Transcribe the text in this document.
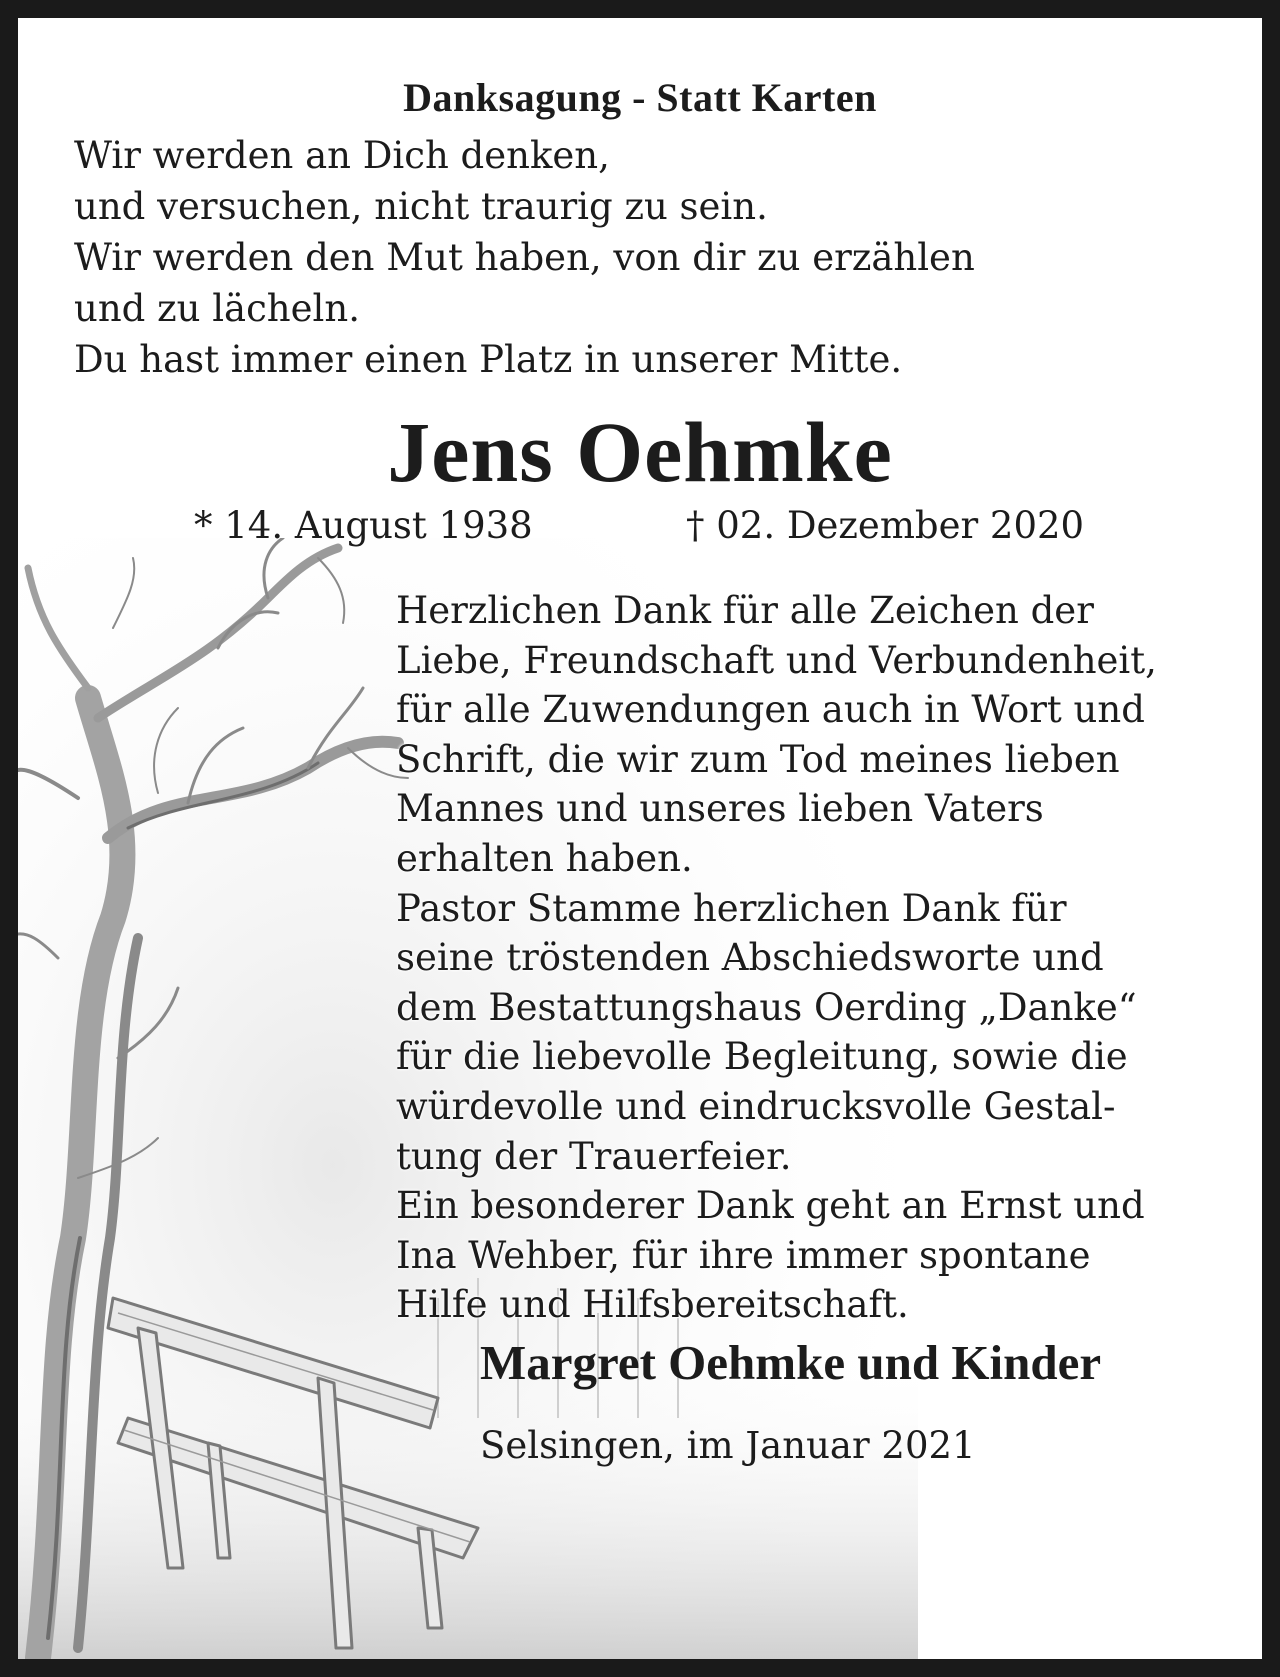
Danksagung - Statt Karten
Wir werden an Dich denken,
und versuchen, nicht traurig zu sein.
Wir werden den Mut haben, von dir zu erzählen
und zu lächeln.
Du hast immer einen Platz in unserer Mitte.
Jens Oehmke
* 14. August 1938	† 02. Dezember 2020
Herzlichen Dank für alle Zeichen der
Liebe, Freundschaft und Verbundenheit,
für alle Zuwendungen auch in Wort und
Schrift, die wir zum Tod meines lieben
Mannes und unseres lieben Vaters
erhalten haben.
Pastor Stamme herzlichen Dank für
seine tröstenden Abschiedsworte und
dem Bestattungshaus Oerding „Danke“
für die liebevolle Begleitung, sowie die
würdevolle und eindrucksvolle Gestal-
tung der Trauerfeier.
Ein besonderer Dank geht an Ernst und
Ina Wehber, für ihre immer spontane
Hilfe und Hilfsbereitschaft.
Margret Oehmke und Kinder
Selsingen, im Januar 2021
